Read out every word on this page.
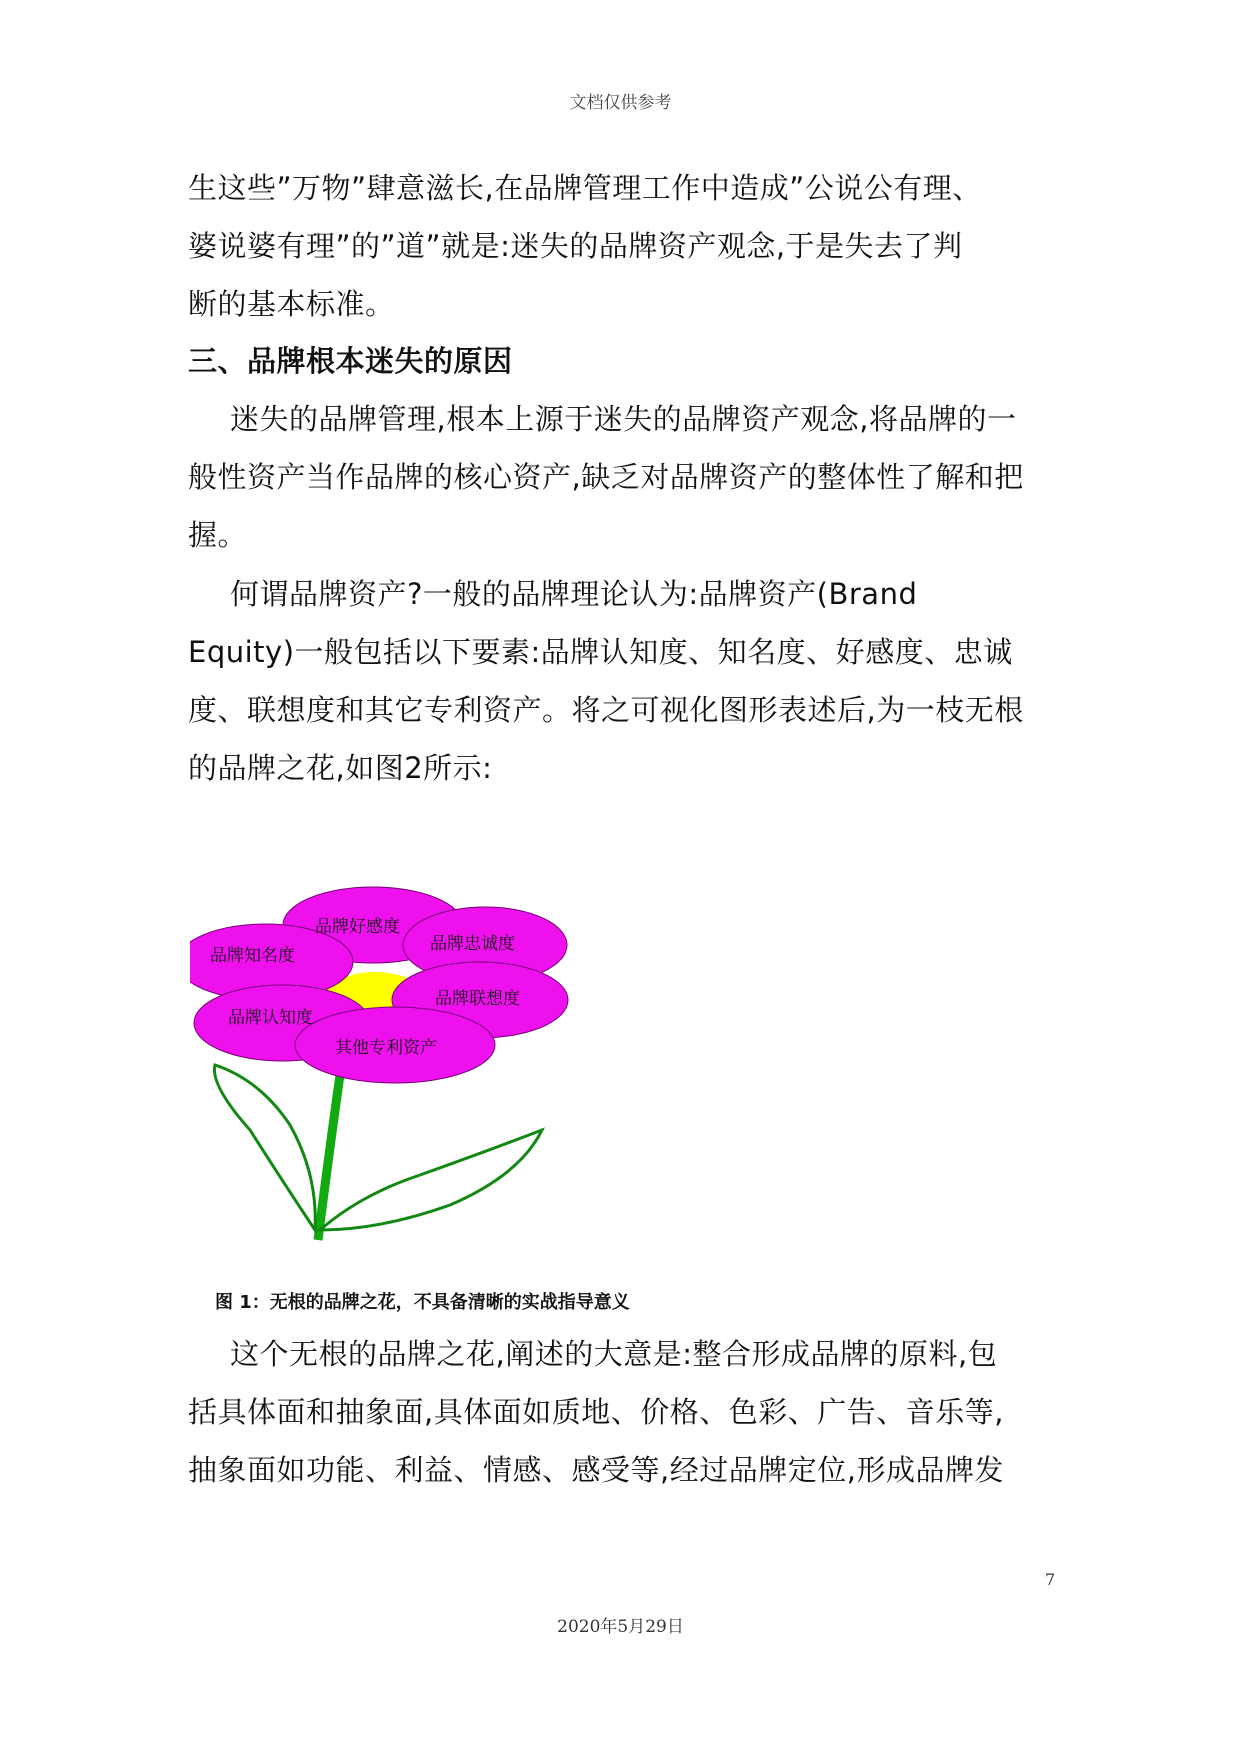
文档仅供参考
生这些”万物”肆意滋长,在品牌管理工作中造成”公说公有理、
婆说婆有理”的”道”就是:迷失的品牌资产观念,于是失去了判
断的基本标准。
三、品牌根本迷失的原因
迷失的品牌管理,根本上源于迷失的品牌资产观念,将品牌的一
般性资产当作品牌的核心资产,缺乏对品牌资产的整体性了解和把
握。
何谓品牌资产?一般的品牌理论认为:品牌资产(Brand
Equity)一般包括以下要素:品牌认知度、知名度、好感度、忠诚
度、联想度和其它专利资产。将之可视化图形表述后,为一枝无根
的品牌之花,如图2所示:
品牌好感度
品牌忠诚度
品牌知名度
品牌联想度
品牌认知度
其他专利资产
图 1：无根的品牌之花，不具备清晰的实战指导意义
这个无根的品牌之花,阐述的大意是:整合形成品牌的原料,包
括具体面和抽象面,具体面如质地、价格、色彩、广告、音乐等,
抽象面如功能、利益、情感、感受等,经过品牌定位,形成品牌发
7
2020年5月29日
